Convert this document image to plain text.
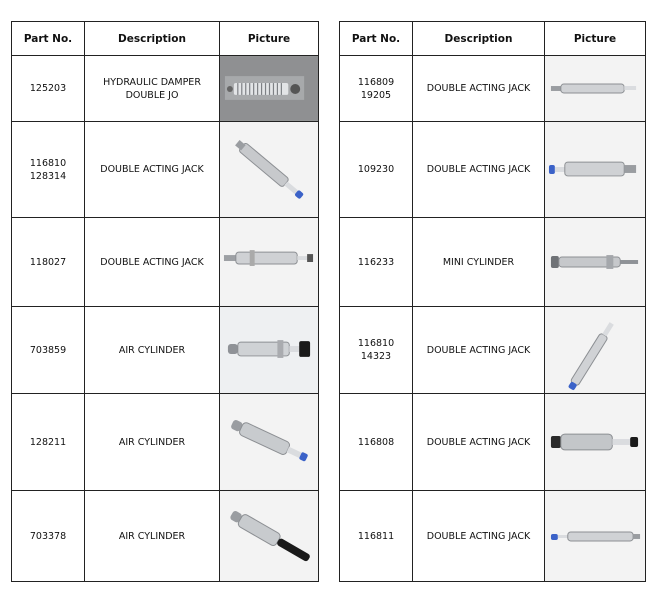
Part No.	Description	Picture
125203	HYDRAULIC DAMPER
DOUBLE JO	

116810
128314	DOUBLE ACTING JACK	

118027	DOUBLE ACTING JACK	

703859	AIR CYLINDER	

128211	AIR CYLINDER	

703378	AIR CYLINDER	
Part No.	Description	Picture
116809
19205	DOUBLE ACTING JACK	

109230	DOUBLE ACTING JACK	

116233	MINI CYLINDER	

116810
14323	DOUBLE ACTING JACK	

116808	DOUBLE ACTING JACK	

116811	DOUBLE ACTING JACK	
